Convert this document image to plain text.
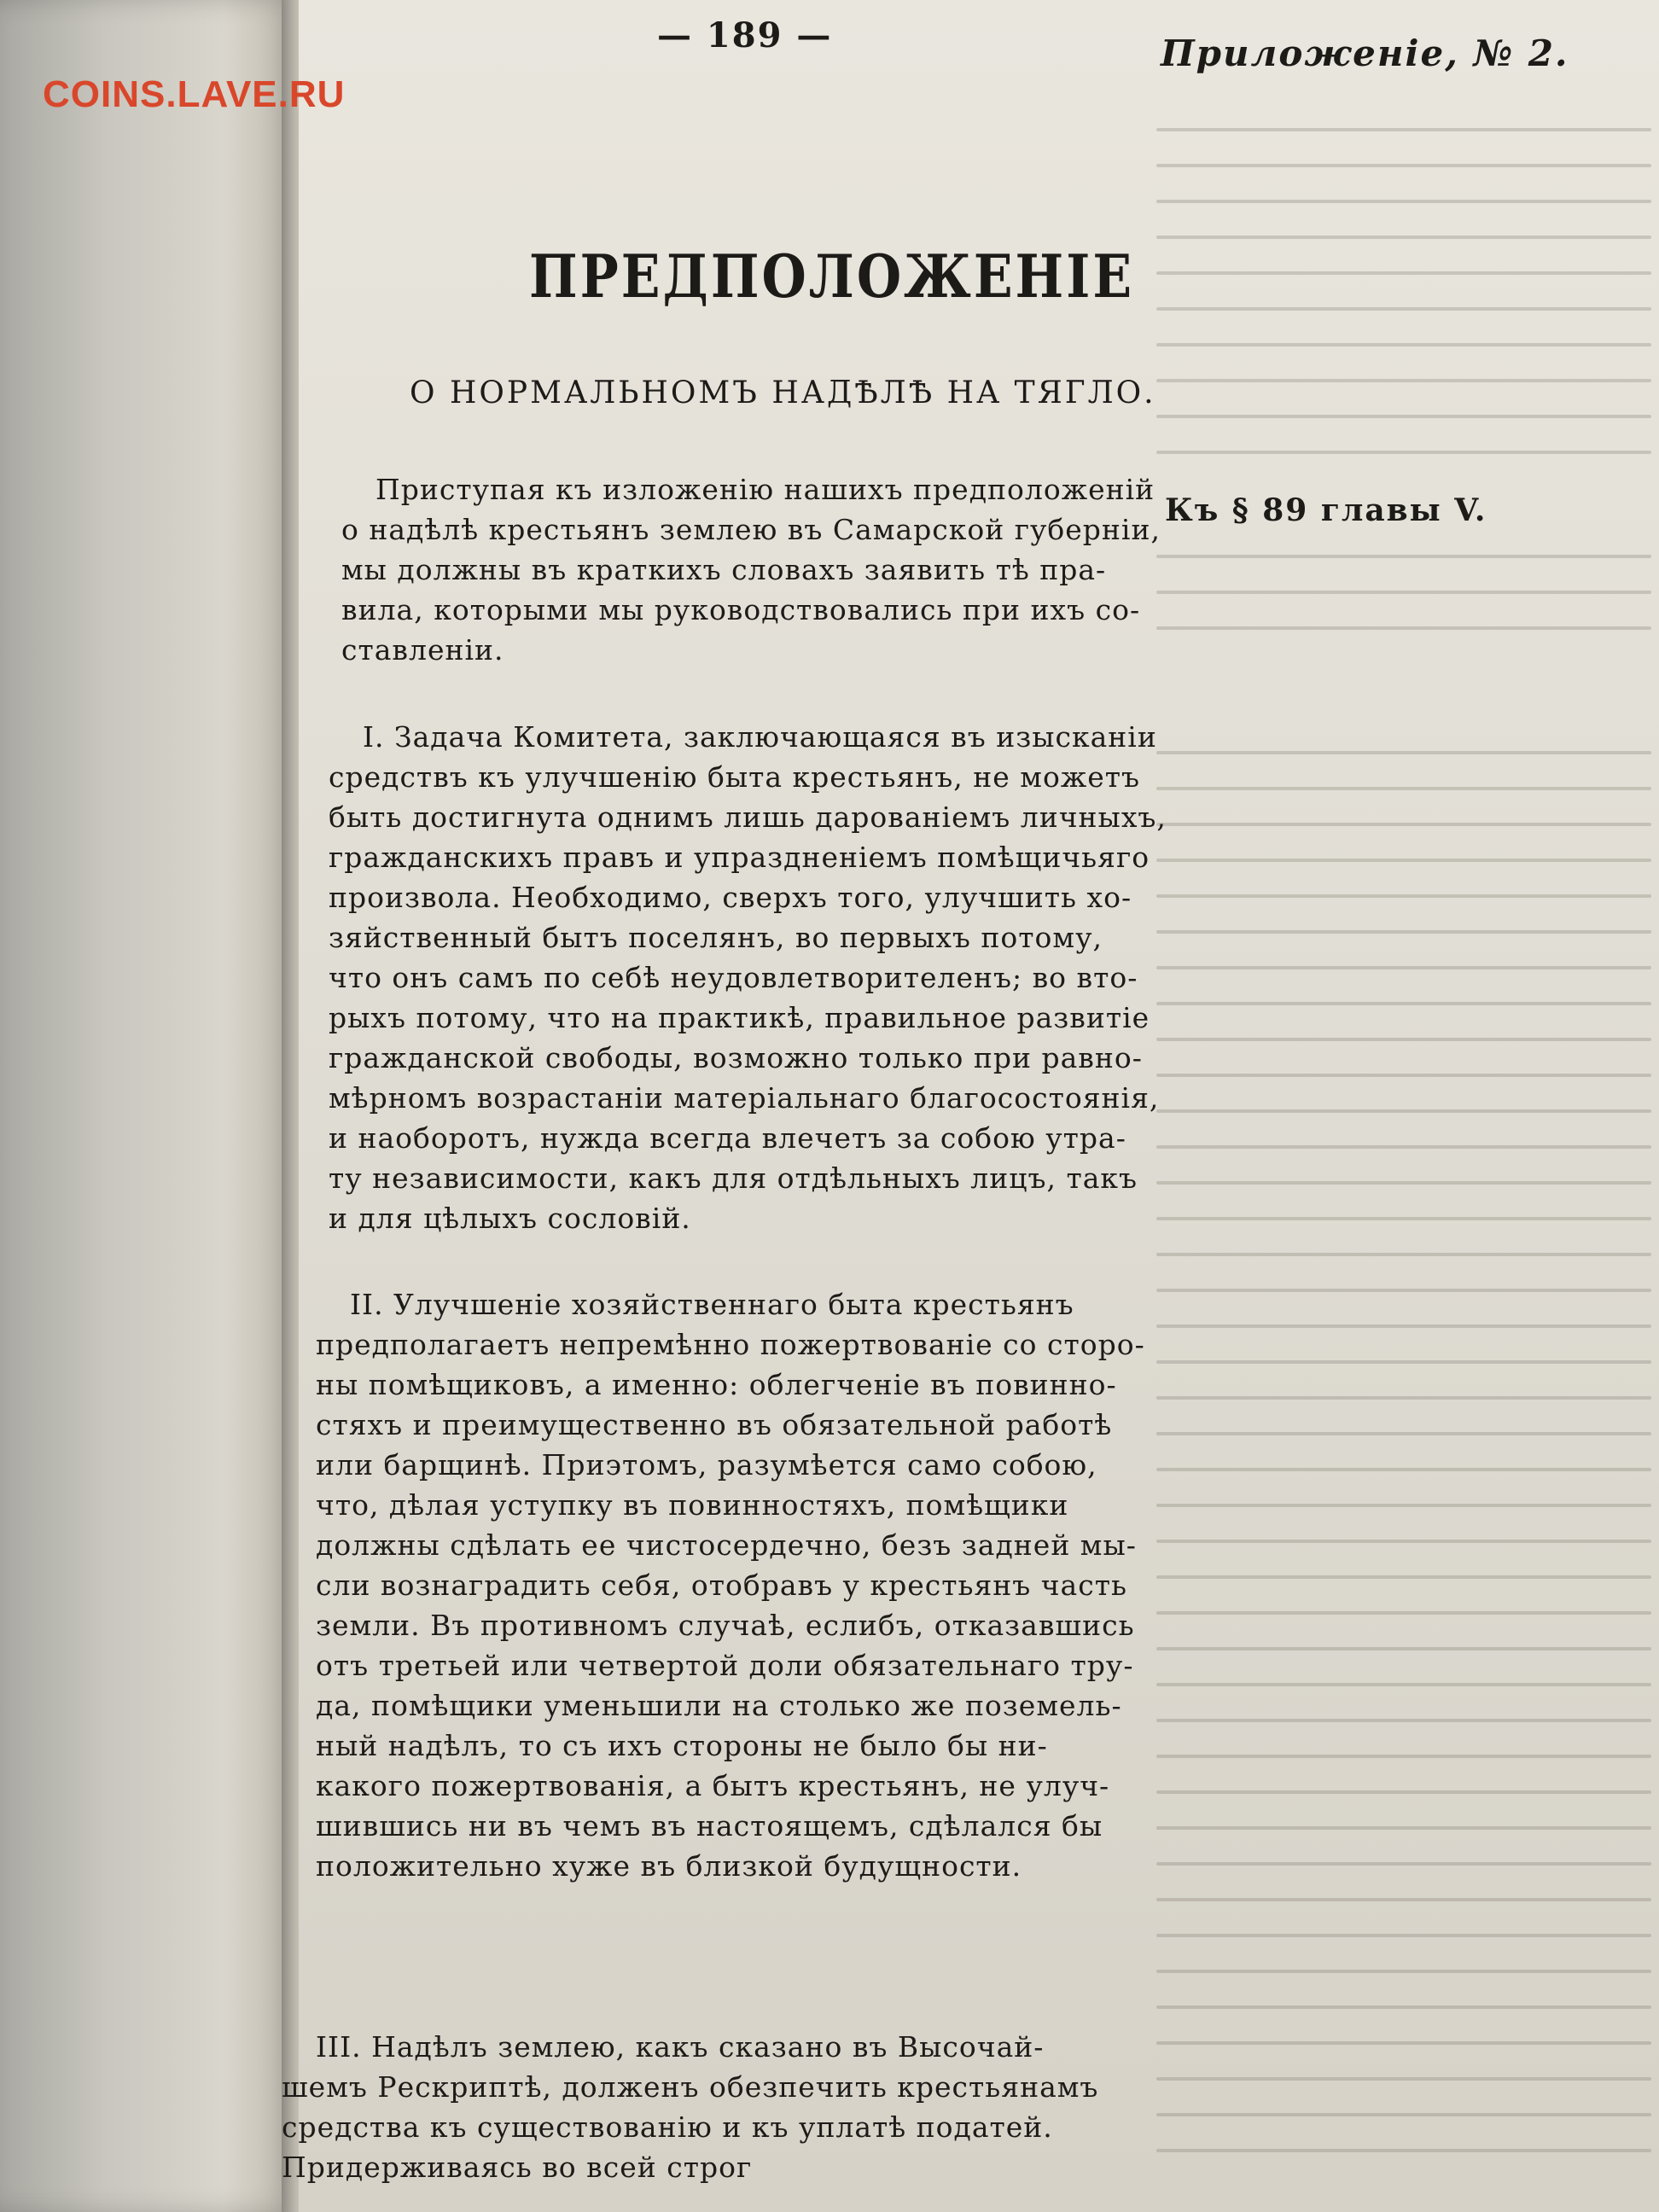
COINS.LAVE.RU
— 189 —	Приложеніе, № 2.
ПРЕДПОЛОЖЕНІЕ
О НОРМАЛЬНОМЪ НАДѢЛѢ НА ТЯГЛО.
Къ § 89 главы V.
Приступая къ изложенію нашихъ предположеній
о надѣлѣ крестьянъ землею въ Самарской губерніи,
мы должны въ краткихъ словахъ заявить тѣ пра-
вила, которыми мы руководствовались при ихъ со-
ставленіи.
I. Задача Комитета, заключающаяся въ изысканіи
средствъ къ улучшенію быта крестьянъ, не можетъ
быть достигнута однимъ лишь дарованіемъ личныхъ,
гражданскихъ правъ и упраздненіемъ помѣщичьяго
произвола. Необходимо, сверхъ того, улучшить хо-
зяйственный бытъ поселянъ, во первыхъ потому,
что онъ самъ по себѣ неудовлетворителенъ; во вто-
рыхъ потому, что на практикѣ, правильное развитіе
гражданской свободы, возможно только при равно-
мѣрномъ возрастаніи матеріальнаго благосостоянія,
и наоборотъ, нужда всегда влечетъ за собою утра-
ту независимости, какъ для отдѣльныхъ лицъ, такъ
и для цѣлыхъ сословій.
II. Улучшеніе хозяйственнаго быта крестьянъ
предполагаетъ непремѣнно пожертвованіе со сторо-
ны помѣщиковъ, а именно: облегченіе въ повинно-
стяхъ и преимущественно въ обязательной работѣ
или барщинѣ. Приэтомъ, разумѣется само собою,
что, дѣлая уступку въ повинностяхъ, помѣщики
должны сдѣлать ее чистосердечно, безъ задней мы-
сли вознаградить себя, отобравъ у крестьянъ часть
земли. Въ противномъ случаѣ, еслибъ, отказавшись
отъ третьей или четвертой доли обязательнаго тру-
да, помѣщики уменьшили на столько же поземель-
ный надѣлъ, то съ ихъ стороны не было бы ни-
какого пожертвованія, а бытъ крестьянъ, не улуч-
шившись ни въ чемъ въ настоящемъ, сдѣлался бы
положительно хуже въ близкой будущности.
III. Надѣлъ землею, какъ сказано въ Высочай-
шемъ Рескриптѣ, долженъ обезпечить крестьянамъ
средства къ существованію и къ уплатѣ податей.
Придерживаясь во всей строг
